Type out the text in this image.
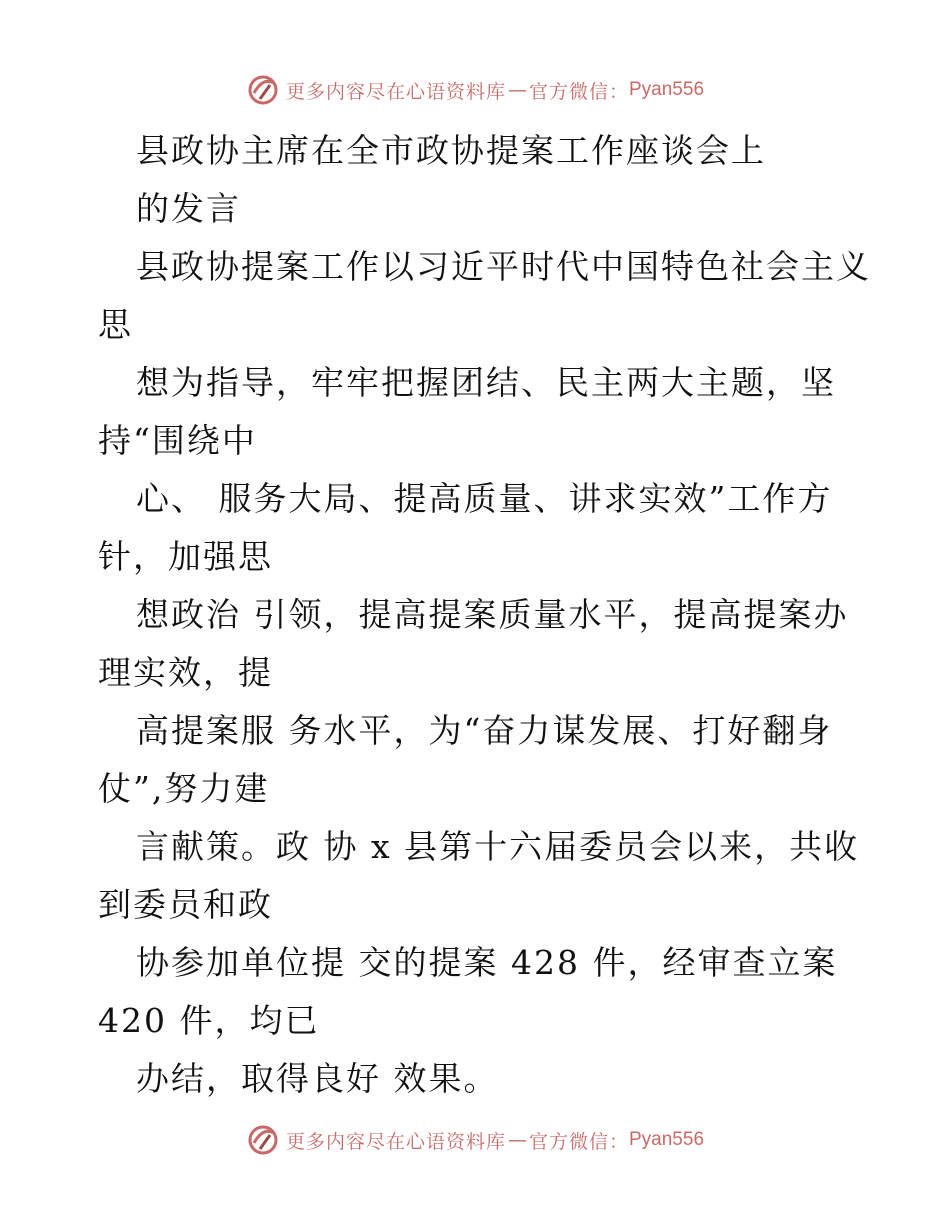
更多内容尽在心语资料库 — 官方微信： Pyan556
县政协主席在全市政协提案工作座谈会上
的发言
县政协提案工作以习近平时代中国特色社会主义
思
想为指导，牢牢把握团结、民主两大主题，坚
持“围绕中
心、 服务大局、提高质量、讲求实效”工作方
针，加强思
想政治 引领，提高提案质量水平，提高提案办
理实效，提
高提案服 务水平，为“奋力谋发展、打好翻身
仗”,努力建
言献策。政 协 x 县第十六届委员会以来，共收
到委员和政
协参加单位提 交的提案 428 件，经审查立案
420 件，均已
办结，取得良好 效果。
更多内容尽在心语资料库 — 官方微信： Pyan556
